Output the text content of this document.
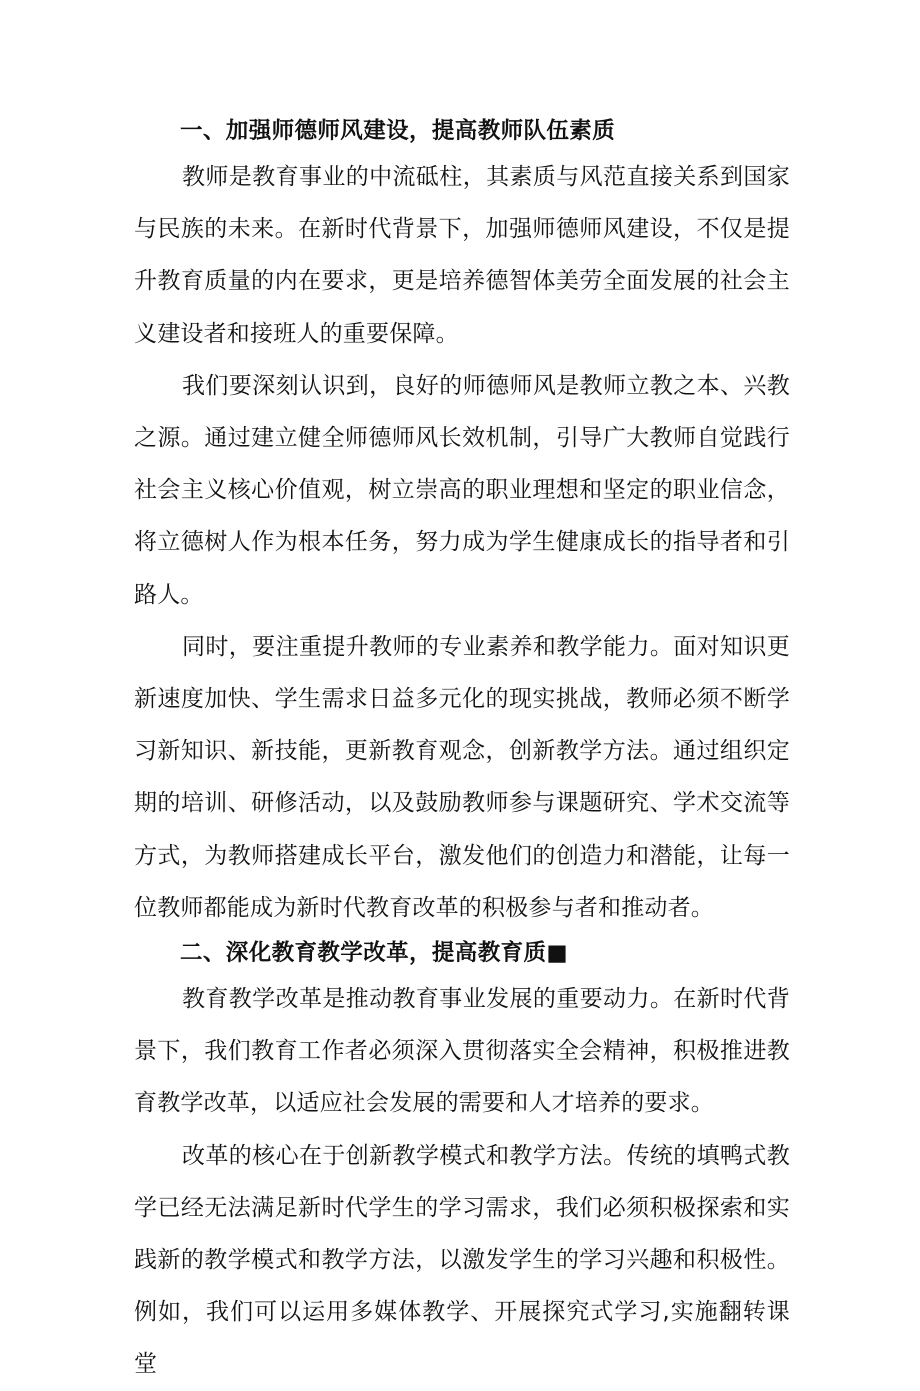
一、加强师德师风建设，提高教师队伍素质

教师是教育事业的中流砥柱，其素质与风范直接关系到国家与民族的未来。在新时代背景下，加强师德师风建设，不仅是提升教育质量的内在要求，更是培养德智体美劳全面发展的社会主义建设者和接班人的重要保障。

我们要深刻认识到，良好的师德师风是教师立教之本、兴教之源。通过建立健全师德师风长效机制，引导广大教师自觉践行社会主义核心价值观，树立崇高的职业理想和坚定的职业信念，将立德树人作为根本任务，努力成为学生健康成长的指导者和引路人。

同时，要注重提升教师的专业素养和教学能力。面对知识更新速度加快、学生需求日益多元化的现实挑战，教师必须不断学习新知识、新技能，更新教育观念，创新教学方法。通过组织定期的培训、研修活动，以及鼓励教师参与课题研究、学术交流等方式，为教师搭建成长平台，激发他们的创造力和潜能，让每一位教师都能成为新时代教育改革的积极参与者和推动者。

二、深化教育教学改革，提高教育质■

教育教学改革是推动教育事业发展的重要动力。在新时代背景下，我们教育工作者必须深入贯彻落实全会精神，积极推进教育教学改革，以适应社会发展的需要和人才培养的要求。

改革的核心在于创新教学模式和教学方法。传统的填鸭式教学已经无法满足新时代学生的学习需求，我们必须积极探索和实践新的教学模式和教学方法，以激发学生的学习兴趣和积极性。例如，我们可以运用多媒体教学、开展探究式学习,实施翻转课堂
